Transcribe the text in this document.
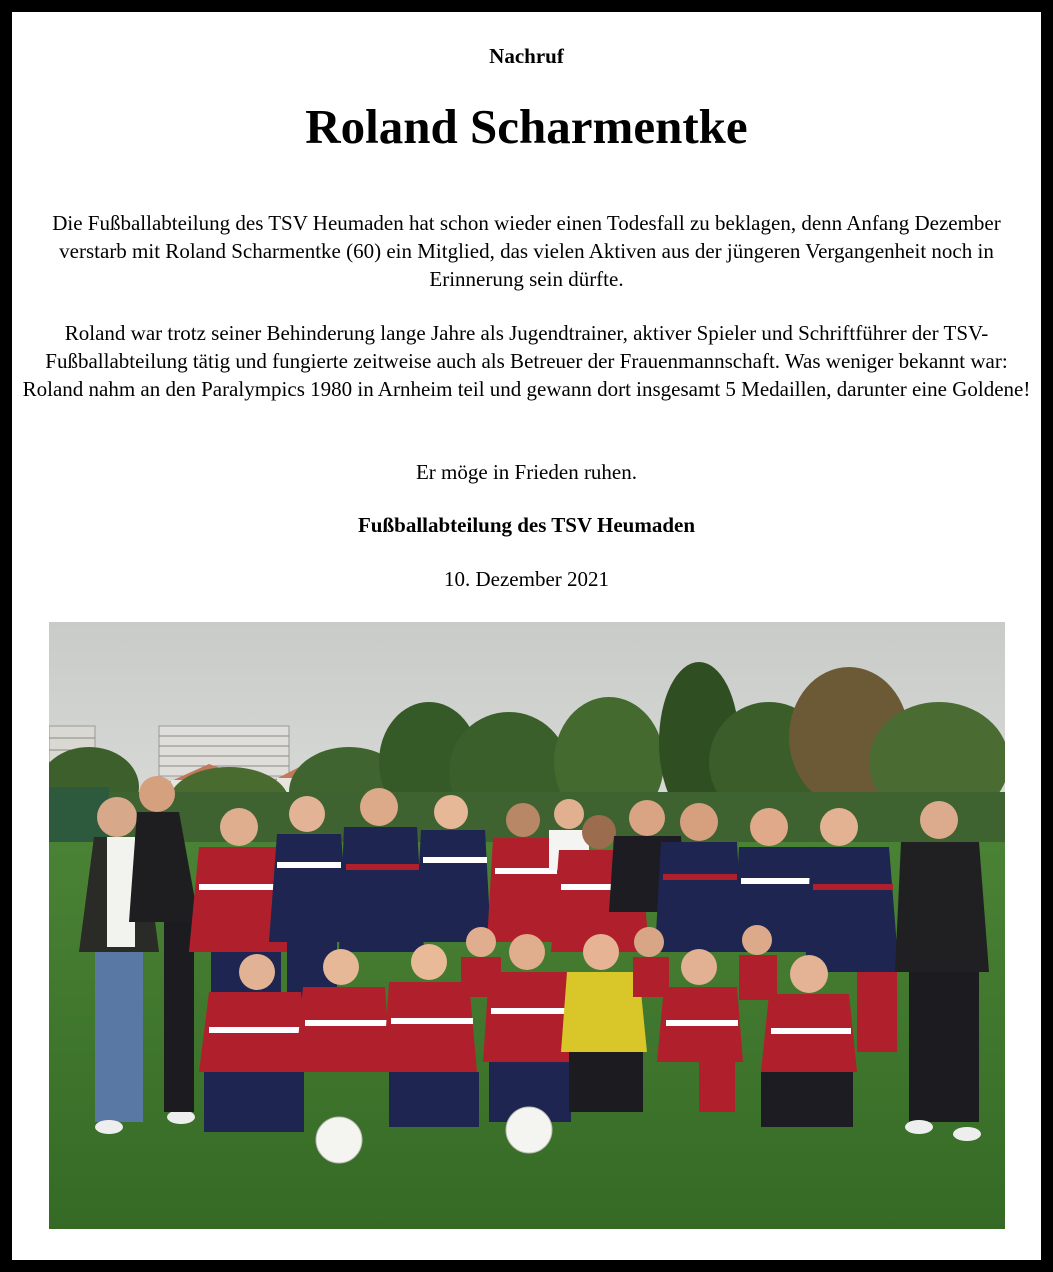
Nachruf
Roland Scharmentke
Die Fußballabteilung des TSV Heumaden hat schon wieder einen Todesfall zu beklagen, denn Anfang Dezember verstarb mit Roland Scharmentke (60) ein Mitglied, das vielen Aktiven aus der jüngeren Vergangenheit noch in Erinnerung sein dürfte.
Roland war trotz seiner Behinderung lange Jahre als Jugendtrainer, aktiver Spieler und Schriftführer der TSV-Fußballabteilung tätig und fungierte zeitweise auch als Betreuer der Frauenmannschaft. Was weniger bekannt war: Roland nahm an den Paralympics 1980 in Arnheim teil und gewann dort insgesamt 5 Medaillen, darunter eine Goldene!
Er möge in Frieden ruhen.
Fußballabteilung des TSV Heumaden
10. Dezember 2021
